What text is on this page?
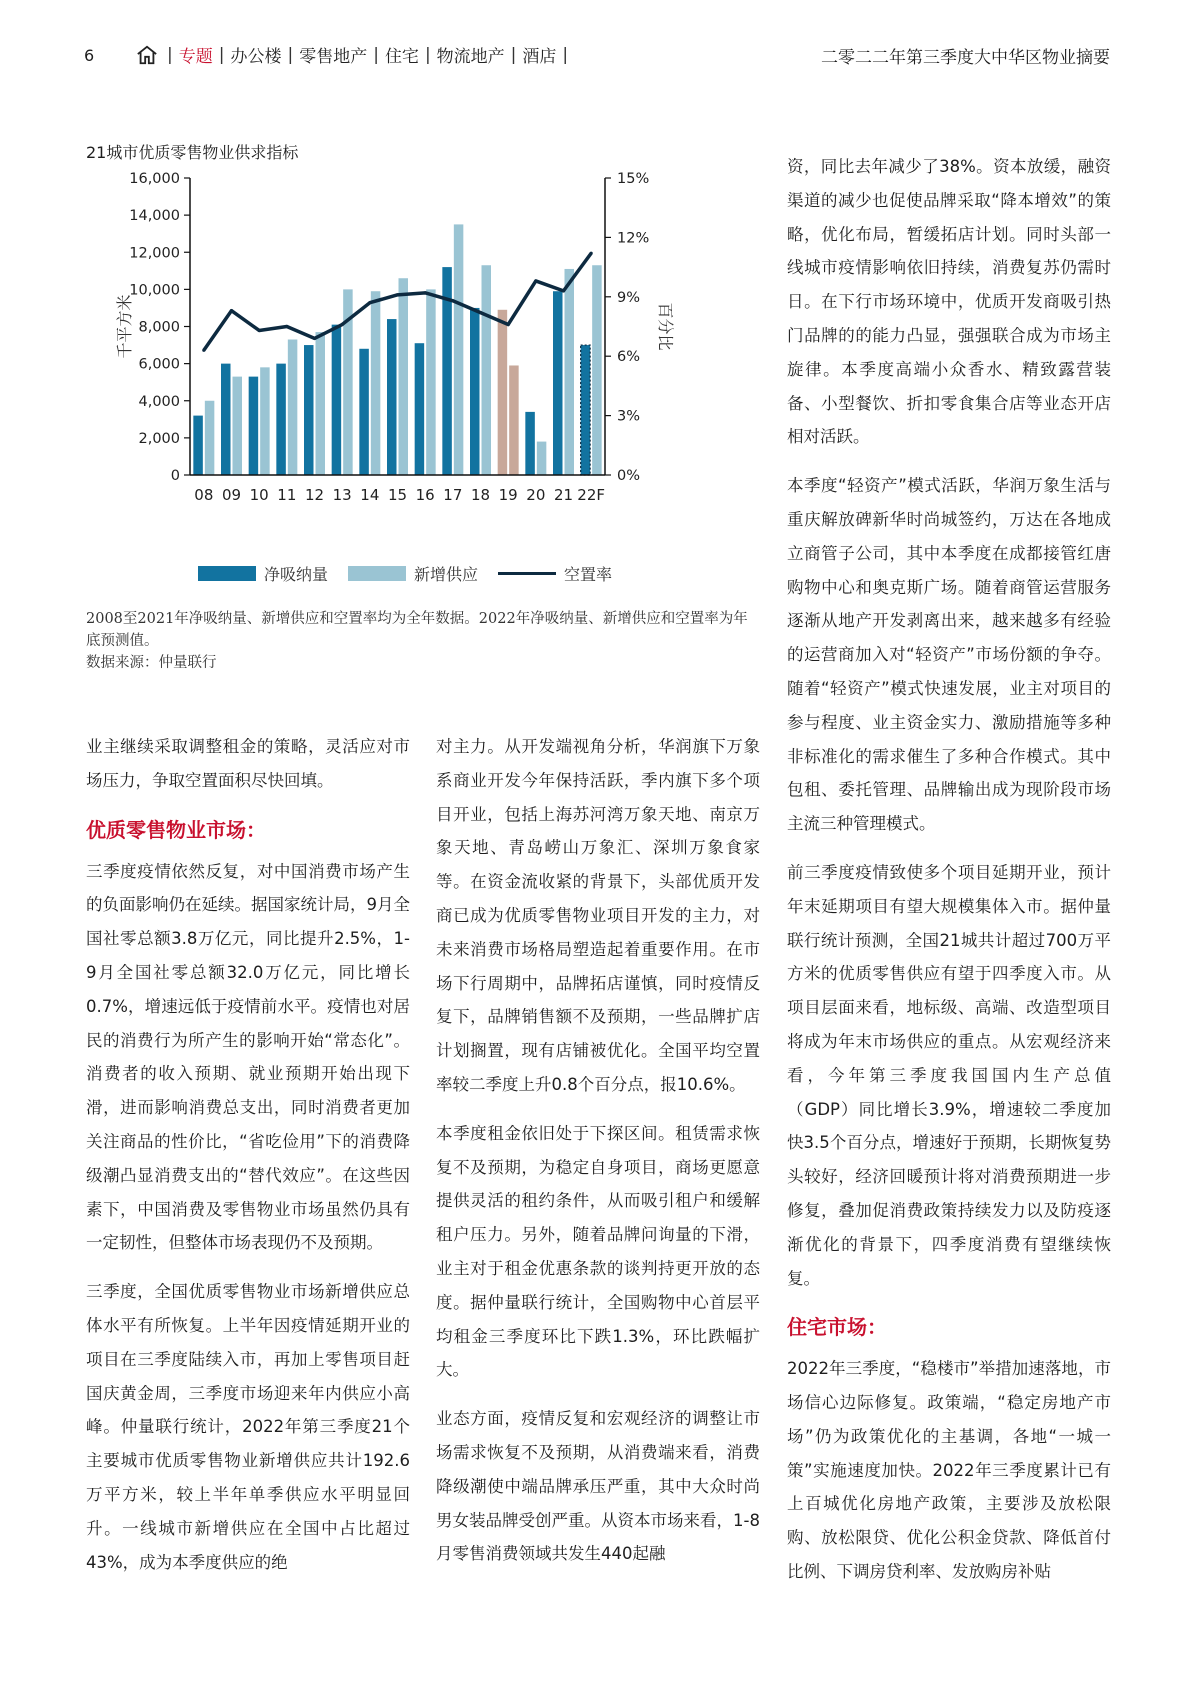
6	| 专题 | 办公楼 | 零售地产 | 住宅 | 物流地产 | 酒店 |	二零二二年第三季度大中华区物业摘要
21城市优质零售物业供求指标
08 09 10 11 12 13 14 15 16 17 18 19 20 21 22F
0
2,000
4,000
6,000
8,000
10,000
12,000
14,000
16,000
0%
3%
6%
9%
12%
15%
千平方米	百分比
净吸纳量	新增供应	空置率
2008至2021年净吸纳量、新增供应和空置率均为全年数据。2022年净吸纳量、新增供应和空置率为年底预测值。
数据来源：仲量联行

业主继续采取调整租金的策略，灵活应对市场压力，争取空置面积尽快回填。

优质零售物业市场：

三季度疫情依然反复，对中国消费市场产生的负面影响仍在延续。据国家统计局，9月全国社零总额3.8万亿元，同比提升2.5%，1-9月全国社零总额32.0万亿元，同比增长0.7%，增速远低于疫情前水平。疫情也对居民的消费行为所产生的影响开始“常态化”。消费者的收入预期、就业预期开始出现下滑，进而影响消费总支出，同时消费者更加关注商品的性价比，“省吃俭用”下的消费降级潮凸显消费支出的“替代效应”。在这些因素下，中国消费及零售物业市场虽然仍具有一定韧性，但整体市场表现仍不及预期。

三季度，全国优质零售物业市场新增供应总体水平有所恢复。上半年因疫情延期开业的项目在三季度陆续入市，再加上零售项目赶国庆黄金周，三季度市场迎来年内供应小高峰。仲量联行统计，2022年第三季度21个主要城市优质零售物业新增供应共计192.6万平方米，较上半年单季供应水平明显回升。一线城市新增供应在全国中占比超过43%，成为本季度供应的绝

对主力。从开发端视角分析，华润旗下万象系商业开发今年保持活跃，季内旗下多个项目开业，包括上海苏河湾万象天地、南京万象天地、青岛崂山万象汇、深圳万象食家等。在资金流收紧的背景下，头部优质开发商已成为优质零售物业项目开发的主力，对未来消费市场格局塑造起着重要作用。在市场下行周期中，品牌拓店谨慎，同时疫情反复下，品牌销售额不及预期，一些品牌扩店计划搁置，现有店铺被优化。全国平均空置率较二季度上升0.8个百分点，报10.6%。

本季度租金依旧处于下探区间。租赁需求恢复不及预期，为稳定自身项目，商场更愿意提供灵活的租约条件，从而吸引租户和缓解租户压力。另外，随着品牌问询量的下滑，业主对于租金优惠条款的谈判持更开放的态度。据仲量联行统计，全国购物中心首层平均租金三季度环比下跌1.3%，环比跌幅扩大。

业态方面，疫情反复和宏观经济的调整让市场需求恢复不及预期，从消费端来看，消费降级潮使中端品牌承压严重，其中大众时尚男女装品牌受创严重。从资本市场来看，1-8月零售消费领域共发生440起融

资，同比去年减少了38%。资本放缓，融资渠道的减少也促使品牌采取“降本增效”的策略，优化布局，暂缓拓店计划。同时头部一线城市疫情影响依旧持续，消费复苏仍需时日。在下行市场环境中，优质开发商吸引热门品牌的的能力凸显，强强联合成为市场主旋律。本季度高端小众香水、精致露营装备、小型餐饮、折扣零食集合店等业态开店相对活跃。

本季度“轻资产”模式活跃，华润万象生活与重庆解放碑新华时尚城签约，万达在各地成立商管子公司，其中本季度在成都接管红唐购物中心和奥克斯广场。随着商管运营服务逐渐从地产开发剥离出来，越来越多有经验的运营商加入对“轻资产”市场份额的争夺。随着“轻资产”模式快速发展，业主对项目的参与程度、业主资金实力、激励措施等多种非标准化的需求催生了多种合作模式。其中包租、委托管理、品牌输出成为现阶段市场主流三种管理模式。

前三季度疫情致使多个项目延期开业，预计年末延期项目有望大规模集体入市。据仲量联行统计预测，全国21城共计超过700万平方米的优质零售供应有望于四季度入市。从项目层面来看，地标级、高端、改造型项目将成为年末市场供应的重点。从宏观经济来看，今年第三季度我国国内生产总值（GDP）同比增长3.9%，增速较二季度加快3.5个百分点，增速好于预期，长期恢复势头较好，经济回暖预计将对消费预期进一步修复，叠加促消费政策持续发力以及防疫逐渐优化的背景下，四季度消费有望继续恢复。

住宅市场：

2022年三季度，“稳楼市”举措加速落地，市场信心边际修复。政策端，“稳定房地产市场”仍为政策优化的主基调，各地“一城一策”实施速度加快。2022年三季度累计已有上百城优化房地产政策，主要涉及放松限购、放松限贷、优化公积金贷款、降低首付比例、下调房贷利率、发放购房补贴
